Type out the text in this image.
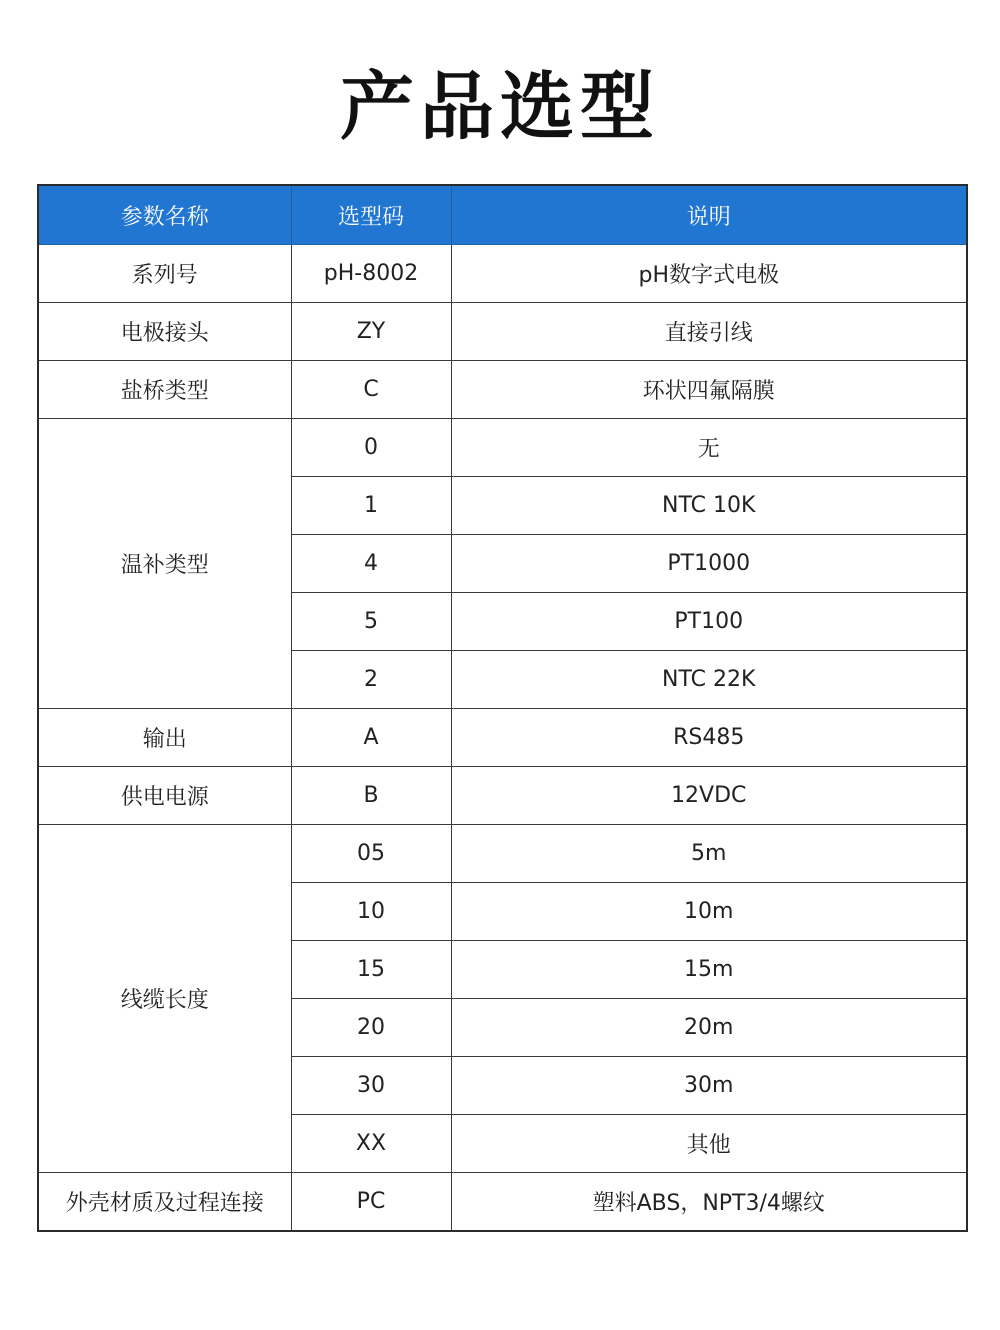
产品选型
参数名称	选型码	说明
系列号	pH-8002	pH数字式电极
电极接头	ZY	直接引线
盐桥类型	C	环状四氟隔膜
温补类型	0	无
	1	NTC 10K
	4	PT1000
	5	PT100
	2	NTC 22K
输出	A	RS485
供电电源	B	12VDC
线缆长度	05	5m
	10	10m
	15	15m
	20	20m
	30	30m
	XX	其他
外壳材质及过程连接	PC	塑料ABS，NPT3/4螺纹
